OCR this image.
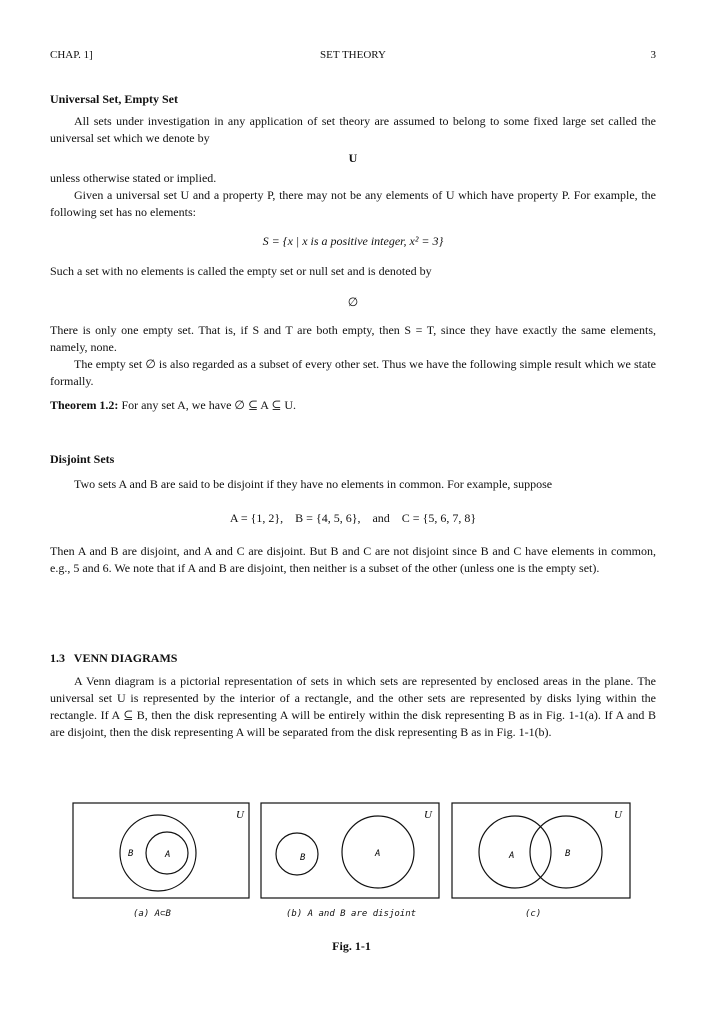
CHAP. 1]	SET THEORY	3
Universal Set, Empty Set
All sets under investigation in any application of set theory are assumed to belong to some fixed large set called the universal set which we denote by
U
unless otherwise stated or implied.
Given a universal set U and a property P, there may not be any elements of U which have property P. For example, the following set has no elements:
S = {x | x is a positive integer, x² = 3}
Such a set with no elements is called the empty set or null set and is denoted by
∅
There is only one empty set. That is, if S and T are both empty, then S = T, since they have exactly the same elements, namely, none.
The empty set ∅ is also regarded as a subset of every other set. Thus we have the following simple result which we state formally.
Theorem 1.2: For any set A, we have ∅ ⊆ A ⊆ U.
Disjoint Sets
Two sets A and B are said to be disjoint if they have no elements in common. For example, suppose
A = {1, 2},    B = {4, 5, 6},    and    C = {5, 6, 7, 8}
Then A and B are disjoint, and A and C are disjoint. But B and C are not disjoint since B and C have elements in common, e.g., 5 and 6. We note that if A and B are disjoint, then neither is a subset of the other (unless one is the empty set).
1.3   VENN DIAGRAMS
A Venn diagram is a pictorial representation of sets in which sets are represented by enclosed areas in the plane. The universal set U is represented by the interior of a rectangle, and the other sets are represented by disks lying within the rectangle. If A ⊆ B, then the disk representing A will be entirely within the disk representing B as in Fig. 1-1(a). If A and B are disjoint, then the disk representing A will be separated from the disk representing B as in Fig. 1-1(b).
U
B	A
U
B	A
U
A	B
(a) A⊂B	(b) A and B are disjoint	(c)
Fig. 1-1
